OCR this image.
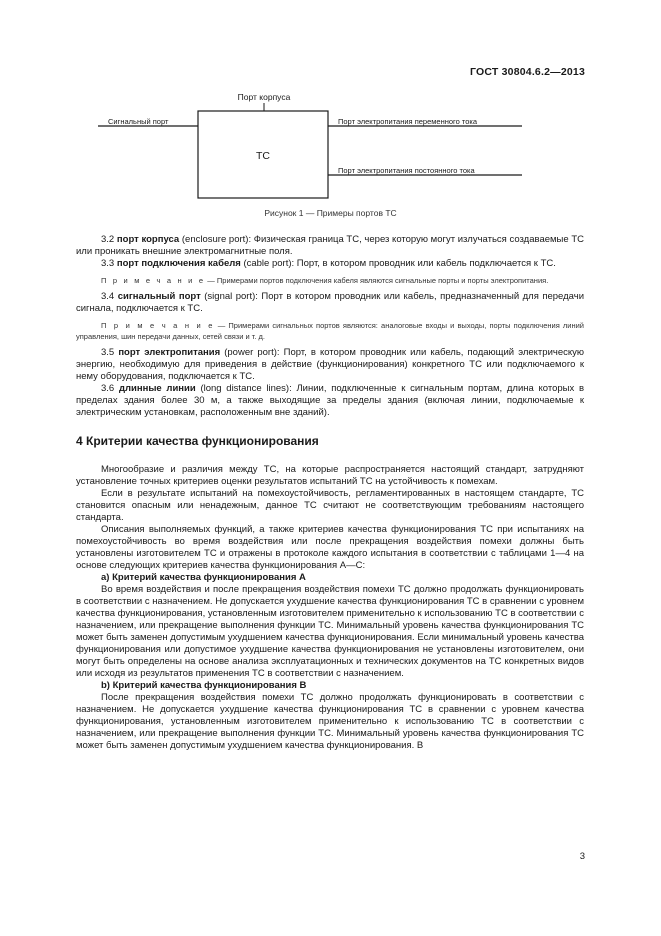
ГОСТ 30804.6.2—2013
Порт корпуса
ТС
Сигнальный порт	Порт электропитания переменного тока
Порт электропитания постоянного тока
Рисунок 1 — Примеры портов ТС

3.2 порт корпуса (enclosure port): Физическая граница ТС, через которую могут излучаться создаваемые ТС или проникать внешние электромагнитные поля.

3.3 порт подключения кабеля (cable port): Порт, в котором проводник или кабель подключается к ТС.

П р и м е ч а н и е — Примерами портов подключения кабеля являются сигнальные порты и порты электропитания.

3.4 сигнальный порт (signal port): Порт в котором проводник или кабель, предназначенный для передачи сигнала, подключается к ТС.

П р и м е ч а н и е — Примерами сигнальных портов являются: аналоговые входы и выходы, порты подключения линий управления, шин передачи данных, сетей связи и т. д.

3.5 порт электропитания (power port): Порт, в котором проводник или кабель, подающий электрическую энергию, необходимую для приведения в действие (функционирования) конкретного ТС или подключаемого к нему оборудования, подключается к ТС.

3.6 длинные линии (long distance lines): Линии, подключенные к сигнальным портам, длина которых в пределах здания более 30 м, а также выходящие за пределы здания (включая линии, подключаемые к электрическим установкам, расположенным вне зданий).

4 Критерии качества функционирования

Многообразие и различия между ТС, на которые распространяется настоящий стандарт, затрудняют установление точных критериев оценки результатов испытаний ТС на устойчивость к помехам.

Если в результате испытаний на помехоустойчивость, регламентированных в настоящем стандарте, ТС становится опасным или ненадежным, данное ТС считают не соответствующим требованиям настоящего стандарта.

Описания выполняемых функций, а также критериев качества функционирования ТС при испытаниях на помехоустойчивость во время воздействия или после прекращения воздействия помехи должны быть установлены изготовителем ТС и отражены в протоколе каждого испытания в соответствии с таблицами 1—4 на основе следующих критериев качества функционирования А—С:

а) Критерий качества функционирования А

Во время воздействия и после прекращения воздействия помехи ТС должно продолжать функционировать в соответствии с назначением. Не допускается ухудшение качества функционирования ТС в сравнении с уровнем качества функционирования, установленным изготовителем применительно к использованию ТС в соответствии с назначением, или прекращение выполнения функции ТС. Минимальный уровень качества функционирования ТС может быть заменен допустимым ухудшением качества функционирования. Если минимальный уровень качества функционирования или допустимое ухудшение качества функционирования не установлены изготовителем, они могут быть определены на основе анализа эксплуатационных и технических документов на ТС конкретных видов или исходя из результатов применения ТС в соответствии с назначением.

b) Критерий качества функционирования В

После прекращения воздействия помехи ТС должно продолжать функционировать в соответствии с назначением. Не допускается ухудшение качества функционирования ТС в сравнении с уровнем качества функционирования, установленным изготовителем применительно к использованию ТС в соответствии с назначением, или прекращение выполнения функции ТС. Минимальный уровень качества функционирования ТС может быть заменен допустимым ухудшением качества функционирования. В

3
